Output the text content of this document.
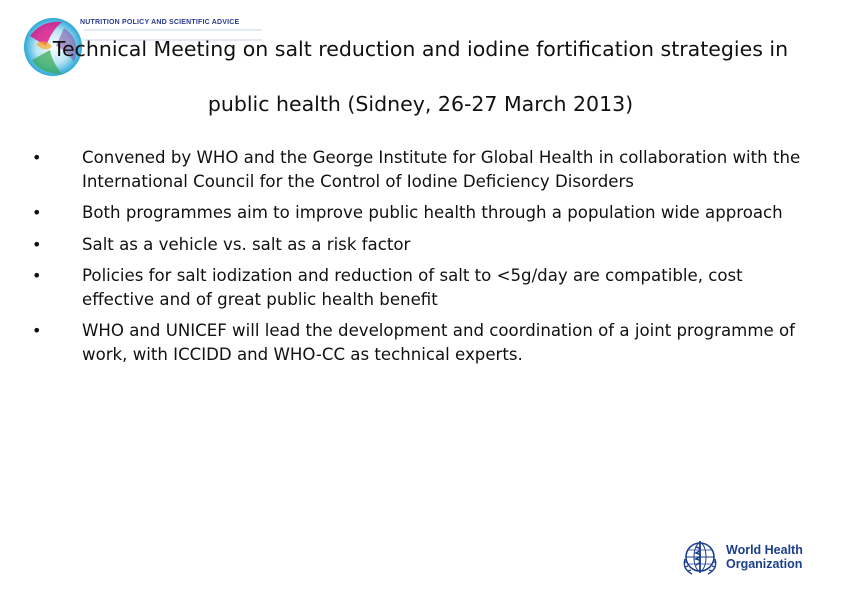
NUTRITION POLICY AND SCIENTIFIC ADVICE
Technical Meeting on salt reduction and iodine fortification strategies in
public health (Sidney, 26-27 March 2013)
• Convened by WHO and the George Institute for Global Health in collaboration with the International Council for the Control of Iodine Deficiency Disorders
• Both programmes aim to improve public health through a population wide approach
• Salt as a vehicle vs. salt as a risk factor
• Policies for salt iodization and reduction of salt to <5g/day are compatible, cost effective and of great public health benefit
• WHO and UNICEF will lead the development and coordination of a joint programme of work, with ICCIDD and WHO-CC as technical experts.
World Health
Organization
